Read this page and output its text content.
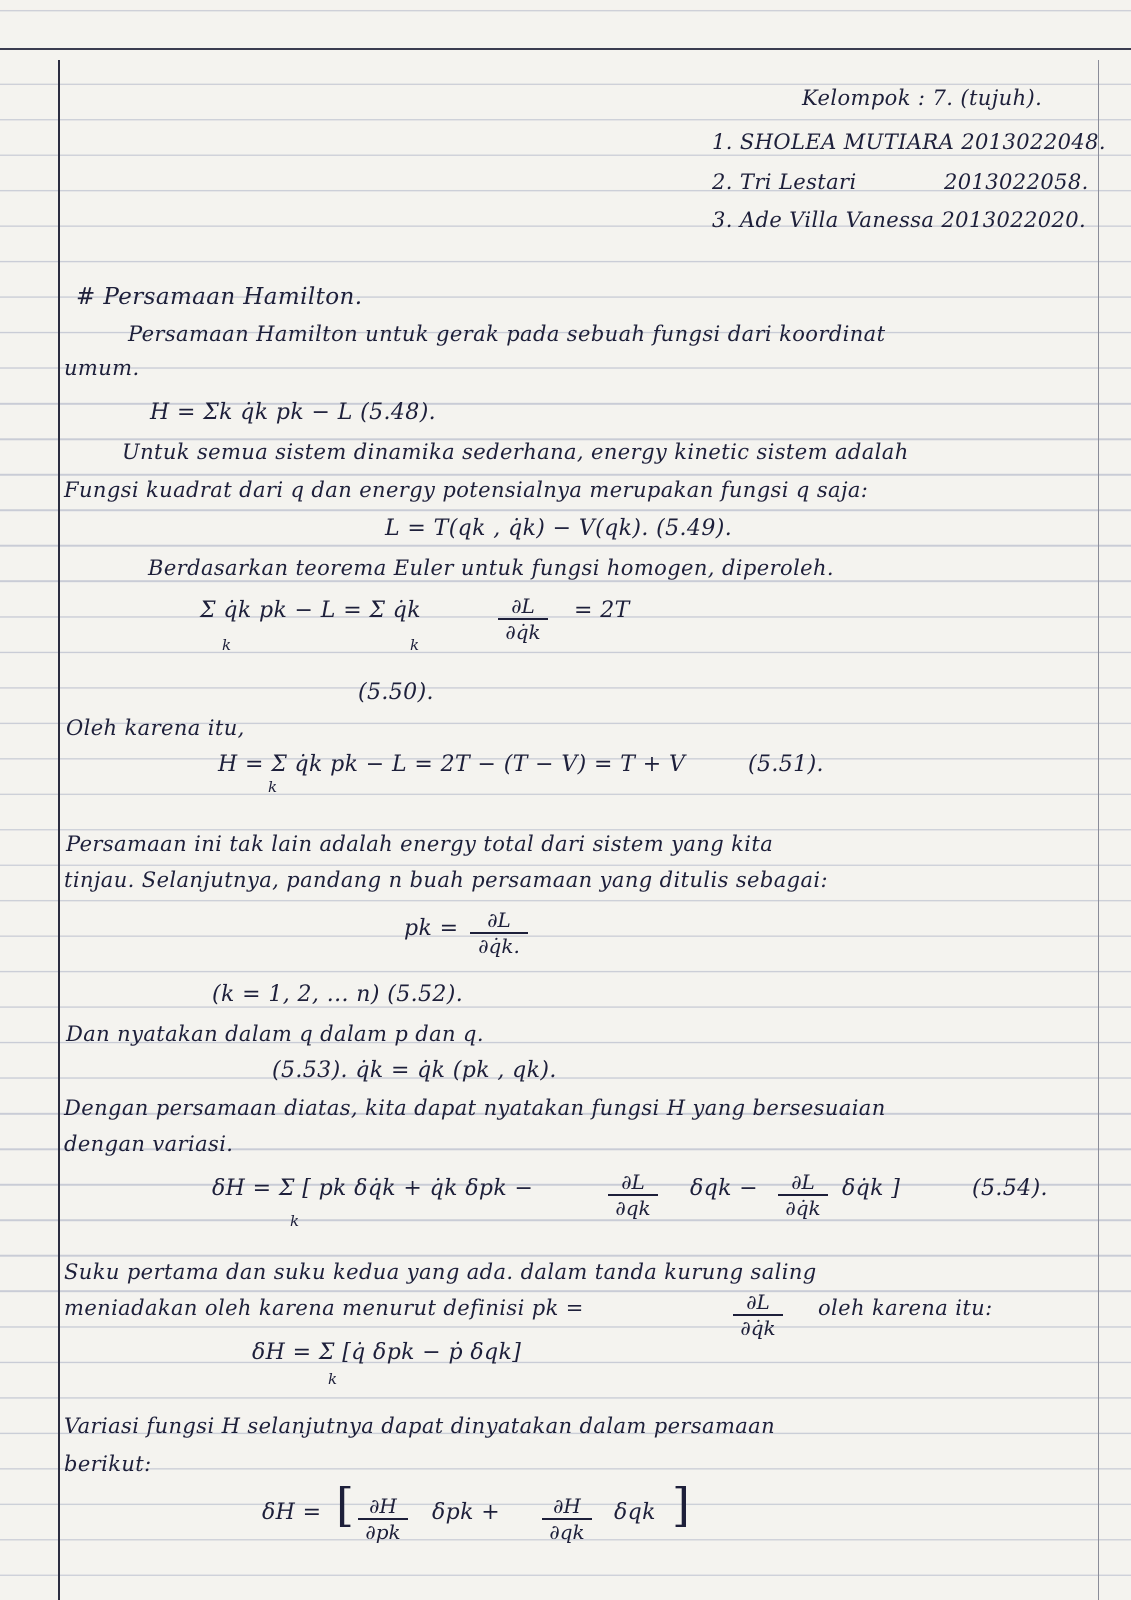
Kelompok : 7. (tujuh).
1. SHOLEA MUTIARA 2013022048.
2. Tri Lestari	2013022058.
3. Ade Villa Vanessa 2013022020.
# Persamaan Hamilton.
Persamaan Hamilton untuk gerak pada sebuah fungsi dari koordinat
umum.
H = Σk q̇k pk − L (5.48).
Untuk semua sistem dinamika sederhana, energy kinetic sistem adalah
Fungsi kuadrat dari q dan energy potensialnya merupakan fungsi q saja:
L = T(qk , q̇k) − V(qk). (5.49).
Berdasarkan teorema Euler untuk fungsi homogen, diperoleh.
Σ q̇k pk − L = Σ q̇k
k	k
$\frac{\partial L}{\partial q̇k} = 2T$
(5.50).
Oleh karena itu,
H = Σ q̇k pk − L = 2T − (T − V) = T + V
k
(5.51).
Persamaan ini tak lain adalah energy total dari sistem yang kita
tinjau. Selanjutnya, pandang n buah persamaan yang ditulis sebagai:
pk = $\frac{\partial L}{\partial q̇k.}$
(k = 1, 2, ... n) (5.52).
Dan nyatakan dalam q dalam p dan q.
(5.53). q̇k = q̇k (pk , qk).
Dengan persamaan diatas, kita dapat nyatakan fungsi H yang bersesuaian
dengan variasi.
δH = Σ [ pk δq̇k + q̇k δpk −
k
$\frac{\partial L}{\partial qk}$ $\delta qk - \frac{\partial L}{\partial q̇k}$ δq̇k ]	(5.54).
Suku pertama dan suku kedua yang ada. dalam tanda kurung saling
meniadakan oleh karena menurut definisi pk =	$\frac{\partial L}{\partial q̇k}$ oleh karena itu:
δH = Σ [q̇ δpk − ṗ δqk]
k
Variasi fungsi H selanjutnya dapat dinyatakan dalam persamaan
berikut:
δH = [ $\frac{\partial H}{\partial pk}$ $\delta pk + \frac{\partial H}{\partial qk}$ δqk ]
